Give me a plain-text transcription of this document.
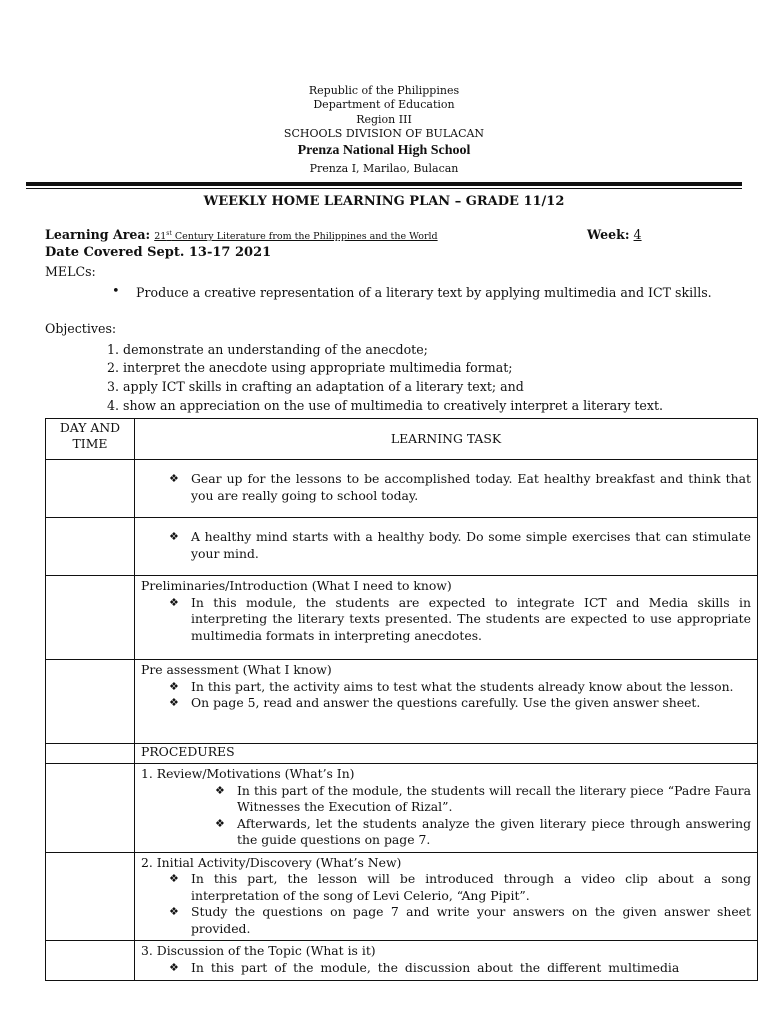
Republic of the Philippines
Department of Education
Region III
SCHOOLS DIVISION OF BULACAN
Prenza National High School
Prenza I, Marilao, Bulacan
WEEKLY HOME LEARNING PLAN – GRADE 11/12
Learning Area: 21st Century Literature from the Philippines and the World	Week: 4
Date Covered Sept. 13-17 2021
MELCs:
• Produce a creative representation of a literary text by applying multimedia and ICT skills.
Objectives:
1. demonstrate an understanding of the anecdote;
2. interpret the anecdote using appropriate multimedia format;
3. apply ICT skills in crafting an adaptation of a literary text; and
4. show an appreciation on the use of multimedia to creatively interpret a literary text.
DAY AND TIME	LEARNING TASK

	❖ Gear up for the lessons to be accomplished today. Eat healthy breakfast and think that you are really going to school today.

	❖ A healthy mind starts with a healthy body. Do some simple exercises that can stimulate your mind.

	Preliminaries/Introduction (What I need to know)
❖ In this module, the students are expected to integrate ICT and Media skills in interpreting the literary texts presented. The students are expected to use appropriate multimedia formats in interpreting anecdotes.

	Pre assessment (What I know)
❖ In this part, the activity aims to test what the students already know about the lesson.
❖ On page 5, read and answer the questions carefully. Use the given answer sheet.

	PROCEDURES

	1. Review/Motivations (What’s In)
❖ In this part of the module, the students will recall the literary piece “Padre Faura Witnesses the Execution of Rizal”.
❖ Afterwards, let the students analyze the given literary piece through answering the guide questions on page 7.

	2. Initial Activity/Discovery (What’s New)
❖ In this part, the lesson will be introduced through a video clip about a song interpretation of the song of Levi Celerio, “Ang Pipit”.
❖ Study the questions on page 7 and write your answers on the given answer sheet provided.

	3. Discussion of the Topic (What is it)
❖ In this part of the module, the discussion about the different multimedia
